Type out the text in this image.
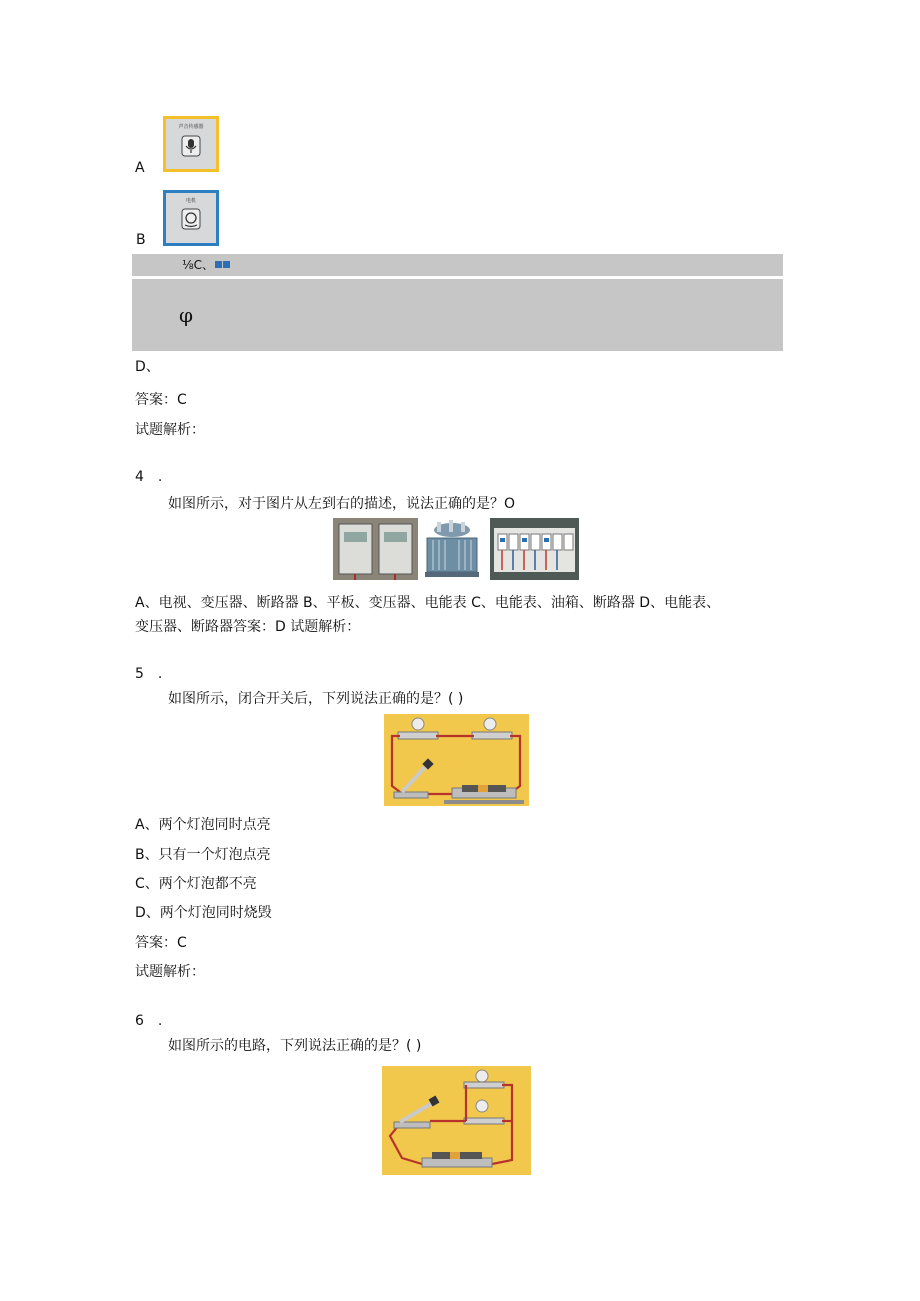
声音传感器
A
电机
B
⅛C、
φ
D、
答案：C
试题解析：
4　.
如图所示，对于图片从左到右的描述，说法正确的是？O
A、电视、变压器、断路器 B、平板、变压器、电能表 C、电能表、油箱、断路器 D、电能表、
变压器、断路器答案：D 试题解析：
5　.
如图所示，闭合开关后，下列说法正确的是？( )
A、两个灯泡同时点亮
B、只有一个灯泡点亮
C、两个灯泡都不亮
D、两个灯泡同时烧毁
答案：C
试题解析：
6　.
如图所示的电路，下列说法正确的是？( )
